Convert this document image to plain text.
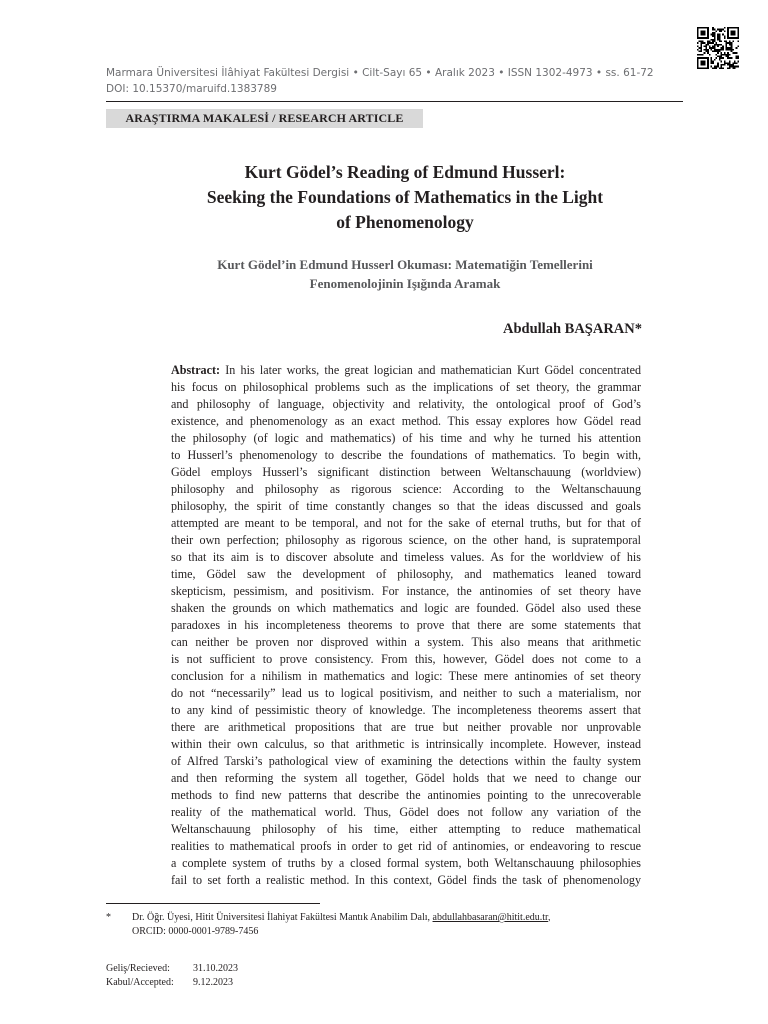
Marmara Üniversitesi İlâhiyat Fakültesi Dergisi • Cilt-Sayı 65 • Aralık 2023 • ISSN 1302-4973 • ss. 61-72
DOI: 10.15370/maruifd.1383789
ARAŞTIRMA MAKALESİ / RESEARCH ARTICLE
Kurt Gödel’s Reading of Edmund Husserl:
Seeking the Foundations of Mathematics in the Light
of Phenomenology
Kurt Gödel’in Edmund Husserl Okuması: Matematiğin Temellerini
Fenomenolojinin Işığında Aramak
Abdullah BAŞARAN*
Abstract: In his later works, the great logician and mathematician Kurt Gödel concentrated
his focus on philosophical problems such as the implications of set theory, the grammar
and philosophy of language, objectivity and relativity, the ontological proof of God’s
existence, and phenomenology as an exact method. This essay explores how Gödel read
the philosophy (of logic and mathematics) of his time and why he turned his attention
to Husserl’s phenomenology to describe the foundations of mathematics. To begin with,
Gödel employs Husserl’s significant distinction between Weltanschauung (worldview)
philosophy and philosophy as rigorous science: According to the Weltanschauung
philosophy, the spirit of time constantly changes so that the ideas discussed and goals
attempted are meant to be temporal, and not for the sake of eternal truths, but for that of
their own perfection; philosophy as rigorous science, on the other hand, is supratemporal
so that its aim is to discover absolute and timeless values. As for the worldview of his
time, Gödel saw the development of philosophy, and mathematics leaned toward
skepticism, pessimism, and positivism. For instance, the antinomies of set theory have
shaken the grounds on which mathematics and logic are founded. Gödel also used these
paradoxes in his incompleteness theorems to prove that there are some statements that
can neither be proven nor disproved within a system. This also means that arithmetic
is not sufficient to prove consistency. From this, however, Gödel does not come to a
conclusion for a nihilism in mathematics and logic: These mere antinomies of set theory
do not “necessarily” lead us to logical positivism, and neither to such a materialism, nor
to any kind of pessimistic theory of knowledge. The incompleteness theorems assert that
there are arithmetical propositions that are true but neither provable nor unprovable
within their own calculus, so that arithmetic is intrinsically incomplete. However, instead
of Alfred Tarski’s pathological view of examining the detections within the faulty system
and then reforming the system all together, Gödel holds that we need to change our
methods to find new patterns that describe the antinomies pointing to the unrecoverable
reality of the mathematical world. Thus, Gödel does not follow any variation of the
Weltanschauung philosophy of his time, either attempting to reduce mathematical
realities to mathematical proofs in order to get rid of antinomies, or endeavoring to rescue
a complete system of truths by a closed formal system, both Weltanschauung philosophies
fail to set forth a realistic method. In this context, Gödel finds the task of phenomenology
* Dr. Öğr. Üyesi, Hitit Üniversitesi İlahiyat Fakültesi Mantık Anabilim Dalı, abdullahbasaran@hitit.edu.tr,
ORCID: 0000-0001-9789-7456
Geliş/Recieved: 31.10.2023
Kabul/Accepted: 9.12.2023
